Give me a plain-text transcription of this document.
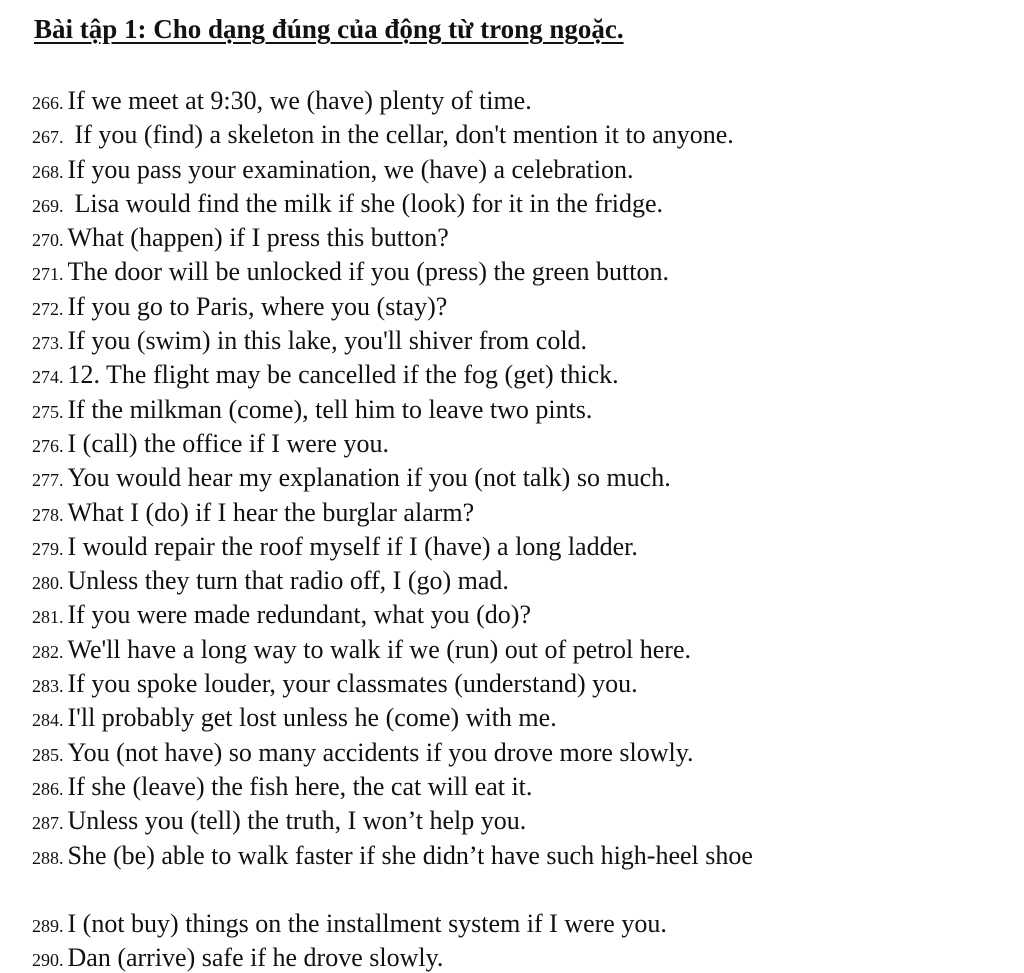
Bài tập 1: Cho dạng đúng của động từ trong ngoặc.
266. If we meet at 9:30, we (have) plenty of time.
267. If you (find) a skeleton in the cellar, don't mention it to anyone.
268. If you pass your examination, we (have) a celebration.
269. Lisa would find the milk if she (look) for it in the fridge.
270. What (happen) if I press this button?
271. The door will be unlocked if you (press) the green button.
272. If you go to Paris, where you (stay)?
273. If you (swim) in this lake, you'll shiver from cold.
274. 12. The flight may be cancelled if the fog (get) thick.
275. If the milkman (come), tell him to leave two pints.
276. I (call) the office if I were you.
277. You would hear my explanation if you (not talk) so much.
278. What I (do) if I hear the burglar alarm?
279. I would repair the roof myself if I (have) a long ladder.
280. Unless they turn that radio off, I (go) mad.
281. If you were made redundant, what you (do)?
282. We'll have a long way to walk if we (run) out of petrol here.
283. If you spoke louder, your classmates (understand) you.
284. I'll probably get lost unless he (come) with me.
285. You (not have) so many accidents if you drove more slowly.
286. If she (leave) the fish here, the cat will eat it.
287. Unless you (tell) the truth, I won’t help you.
288. She (be) able to walk faster if she didn’t have such high-heel shoe
289. I (not buy) things on the installment system if I were you.
290. Dan (arrive) safe if he drove slowly.
